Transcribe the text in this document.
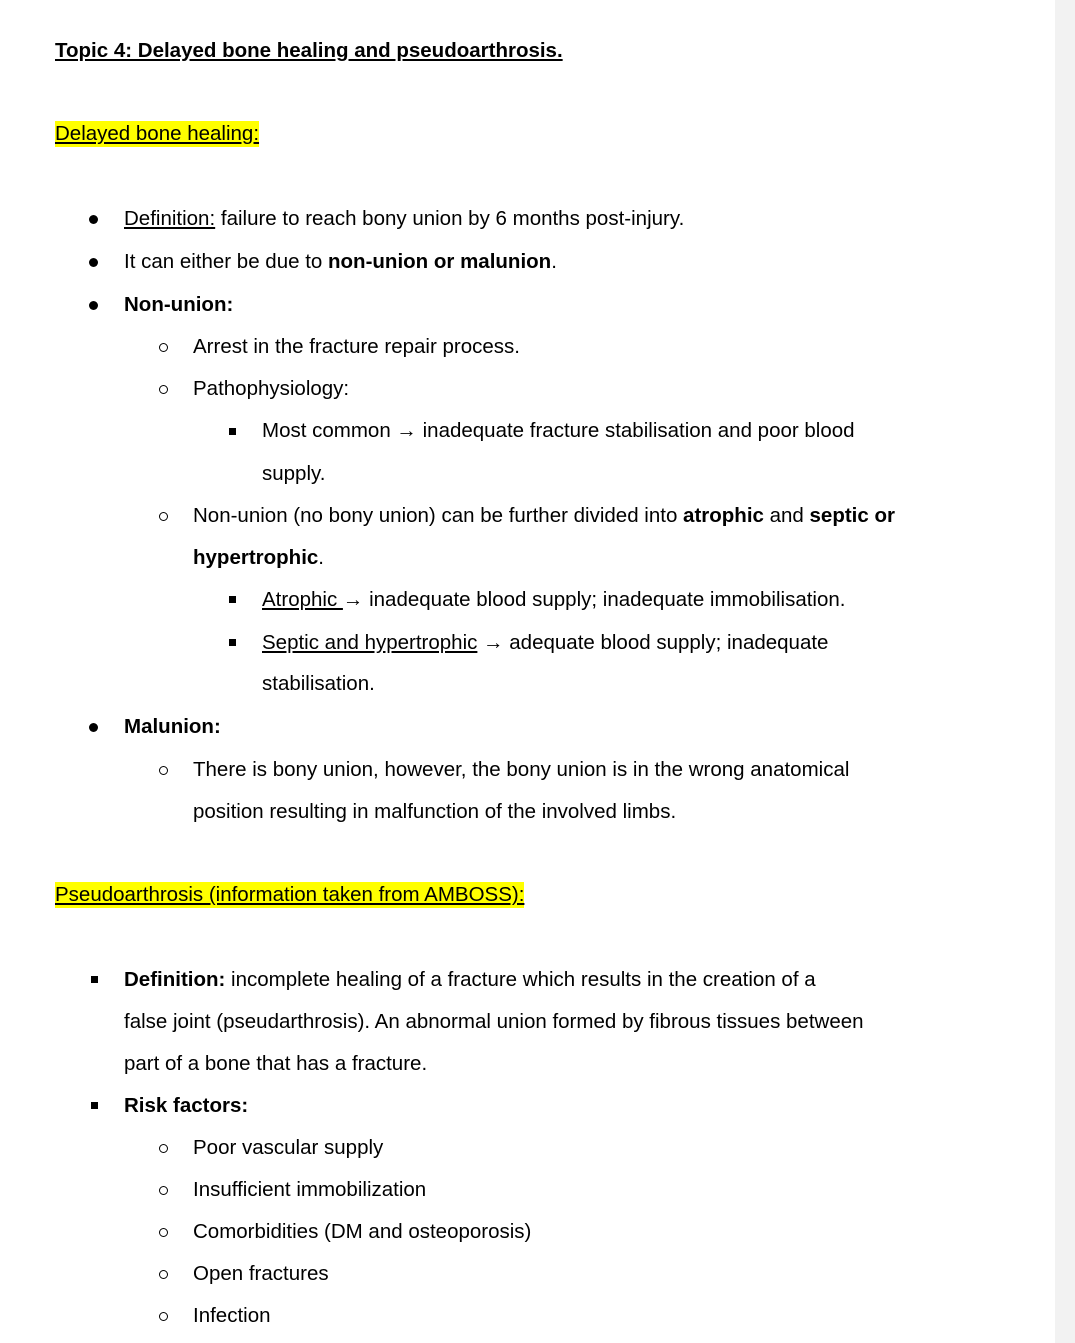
Topic 4: Delayed bone healing and pseudoarthrosis.
Delayed bone healing:
Definition: failure to reach bony union by 6 months post-injury.
It can either be due to non-union or malunion.
Non-union:
Arrest in the fracture repair process.
Pathophysiology:
Most common → inadequate fracture stabilisation and poor blood
supply.
Non-union (no bony union) can be further divided into atrophic and septic or
hypertrophic.
Atrophic → inadequate blood supply; inadequate immobilisation.
Septic and hypertrophic → adequate blood supply; inadequate
stabilisation.
Malunion:
There is bony union, however, the bony union is in the wrong anatomical
position resulting in malfunction of the involved limbs.
Pseudoarthrosis (information taken from AMBOSS):
Definition: incomplete healing of a fracture which results in the creation of a
false joint (pseudarthrosis). An abnormal union formed by fibrous tissues between
part of a bone that has a fracture.
Risk factors:
Poor vascular supply
Insufficient immobilization
Comorbidities (DM and osteoporosis)
Open fractures
Infection
